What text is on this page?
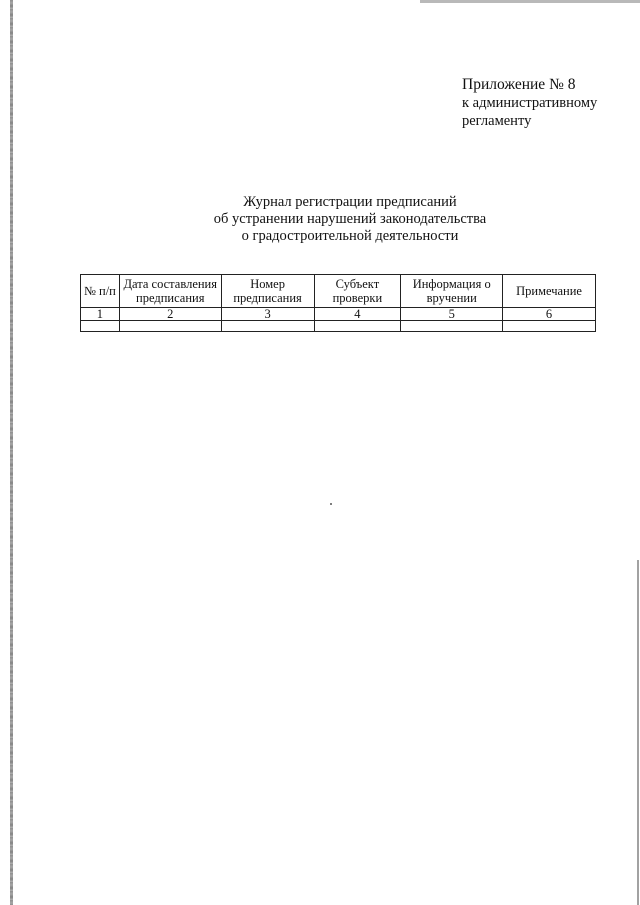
Приложение № 8
к административному
регламенту
Журнал регистрации предписаний
об устранении нарушений законодательства
о градостроительной деятельности
№ п/п	Дата составления предписания	Номер предписания	Субъект проверки	Информация о вручении	Примечание
1	2	3	4	5	6
